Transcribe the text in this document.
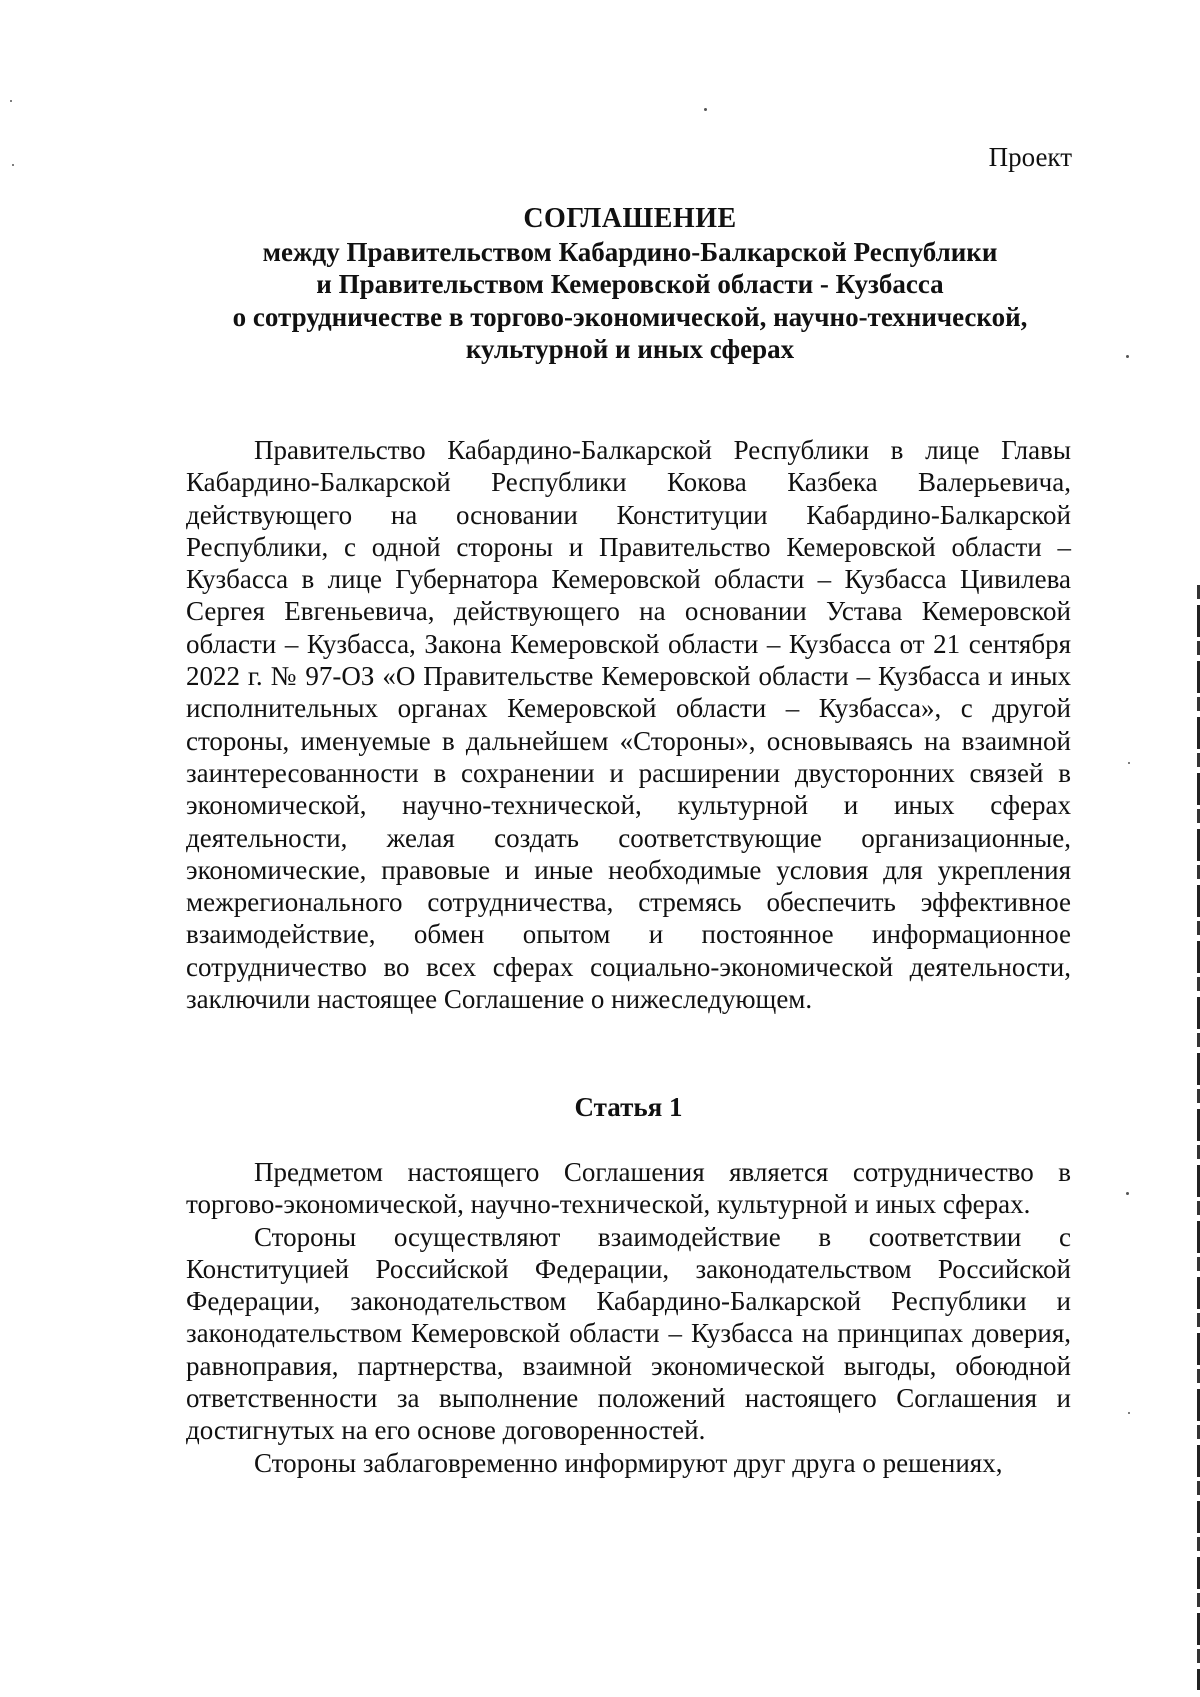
Проект
СОГЛАШЕНИЕ
между Правительством Кабардино-Балкарской Республики
и Правительством Кемеровской области - Кузбасса
о сотрудничестве в торгово-экономической, научно-технической,
культурной и иных сферах

Правительство Кабардино-Балкарской Республики в лице Главы Кабардино-Балкарской Республики Кокова Казбека Валерьевича, действующего на основании Конституции Кабардино-Балкарской Республики, с одной стороны и Правительство Кемеровской области – Кузбасса в лице Губернатора Кемеровской области – Кузбасса Цивилева Сергея Евгеньевича, действующего на основании Устава Кемеровской области – Кузбасса, Закона Кемеровской области – Кузбасса от 21 сентября 2022 г. № 97-ОЗ «О Правительстве Кемеровской области – Кузбасса и иных исполнительных органах Кемеровской области – Кузбасса», с другой стороны, именуемые в дальнейшем «Стороны», основываясь на взаимной заинтересованности в сохранении и расширении двусторонних связей в экономической, научно-технической, культурной и иных сферах деятельности, желая создать соответствующие организационные, экономические, правовые и иные необходимые условия для укрепления межрегионального сотрудничества, стремясь обеспечить эффективное взаимодействие, обмен опытом и постоянное информационное сотрудничество во всех сферах социально-экономической деятельности, заключили настоящее Соглашение о нижеследующем.

Статья 1

Предметом настоящего Соглашения является сотрудничество в торгово-экономической, научно-технической, культурной и иных сферах.

Стороны осуществляют взаимодействие в соответствии с Конституцией Российской Федерации, законодательством Российской Федерации, законодательством Кабардино-Балкарской Республики и законодательством Кемеровской области – Кузбасса на принципах доверия, равноправия, партнерства, взаимной экономической выгоды, обоюдной ответственности за выполнение положений настоящего Соглашения и достигнутых на его основе договоренностей.

Стороны заблаговременно информируют друг друга о решениях,
